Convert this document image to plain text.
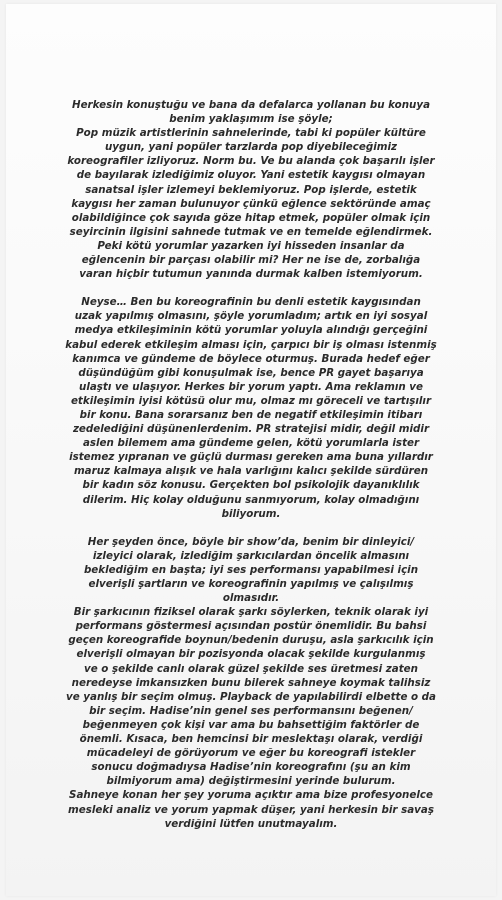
Herkesin konuştuğu ve bana da defalarca yollanan bu konuya
benim yaklaşımım ise şöyle;
Pop müzik artistlerinin sahnelerinde, tabi ki popüler kültüre
uygun, yani popüler tarzlarda pop diyebileceğimiz
koreografiler izliyoruz. Norm bu. Ve bu alanda çok başarılı işler
de bayılarak izlediğimiz oluyor. Yani estetik kaygısı olmayan
sanatsal işler izlemeyi beklemiyoruz. Pop işlerde, estetik
kaygısı her zaman bulunuyor çünkü eğlence sektöründe amaç
olabildiğince çok sayıda göze hitap etmek, popüler olmak için
seyircinin ilgisini sahnede tutmak ve en temelde eğlendirmek.
Peki kötü yorumlar yazarken iyi hisseden insanlar da
eğlencenin bir parçası olabilir mi? Her ne ise de, zorbalığa
varan hiçbir tutumun yanında durmak kalben istemiyorum.
Neyse… Ben bu koreografinin bu denli estetik kaygısından
uzak yapılmış olmasını, şöyle yorumladım; artık en iyi sosyal
medya etkileşiminin kötü yorumlar yoluyla alındığı gerçeğini
kabul ederek etkileşim alması için, çarpıcı bir iş olması istenmiş
kanımca ve gündeme de böylece oturmuş. Burada hedef eğer
düşündüğüm gibi konuşulmak ise, bence PR gayet başarıya
ulaştı ve ulaşıyor. Herkes bir yorum yaptı. Ama reklamın ve
etkileşimin iyisi kötüsü olur mu, olmaz mı göreceli ve tartışılır
bir konu. Bana sorarsanız ben de negatif etkileşimin itibarı
zedelediğini düşünenlerdenim. PR stratejisi midir, değil midir
aslen bilemem ama gündeme gelen, kötü yorumlarla ister
istemez yıpranan ve güçlü durması gereken ama buna yıllardır
maruz kalmaya alışık ve hala varlığını kalıcı şekilde sürdüren
bir kadın söz konusu. Gerçekten bol psikolojik dayanıklılık
dilerim. Hiç kolay olduğunu sanmıyorum, kolay olmadığını
biliyorum.
Her şeyden önce, böyle bir show’da, benim bir dinleyici/
izleyici olarak, izlediğim şarkıcılardan öncelik almasını
beklediğim en başta; iyi ses performansı yapabilmesi için
elverişli şartların ve koreografinin yapılmış ve çalışılmış
olmasıdır.
Bir şarkıcının fiziksel olarak şarkı söylerken, teknik olarak iyi
performans göstermesi açısından postür önemlidir. Bu bahsi
geçen koreografide boynun/bedenin duruşu, asla şarkıcılık için
elverişli olmayan bir pozisyonda olacak şekilde kurgulanmış
ve o şekilde canlı olarak güzel şekilde ses üretmesi zaten
neredeyse imkansızken bunu bilerek sahneye koymak talihsiz
ve yanlış bir seçim olmuş. Playback de yapılabilirdi elbette o da
bir seçim. Hadise’nin genel ses performansını beğenen/
beğenmeyen çok kişi var ama bu bahsettiğim faktörler de
önemli. Kısaca, ben hemcinsi bir meslektaşı olarak, verdiği
mücadeleyi de görüyorum ve eğer bu koreografi istekler
sonucu doğmadıysa Hadise’nin koreografını (şu an kim
bilmiyorum ama) değiştirmesini yerinde bulurum.
Sahneye konan her şey yoruma açıktır ama bize profesyonelce
mesleki analiz ve yorum yapmak düşer, yani herkesin bir savaş
verdiğini lütfen unutmayalım.
